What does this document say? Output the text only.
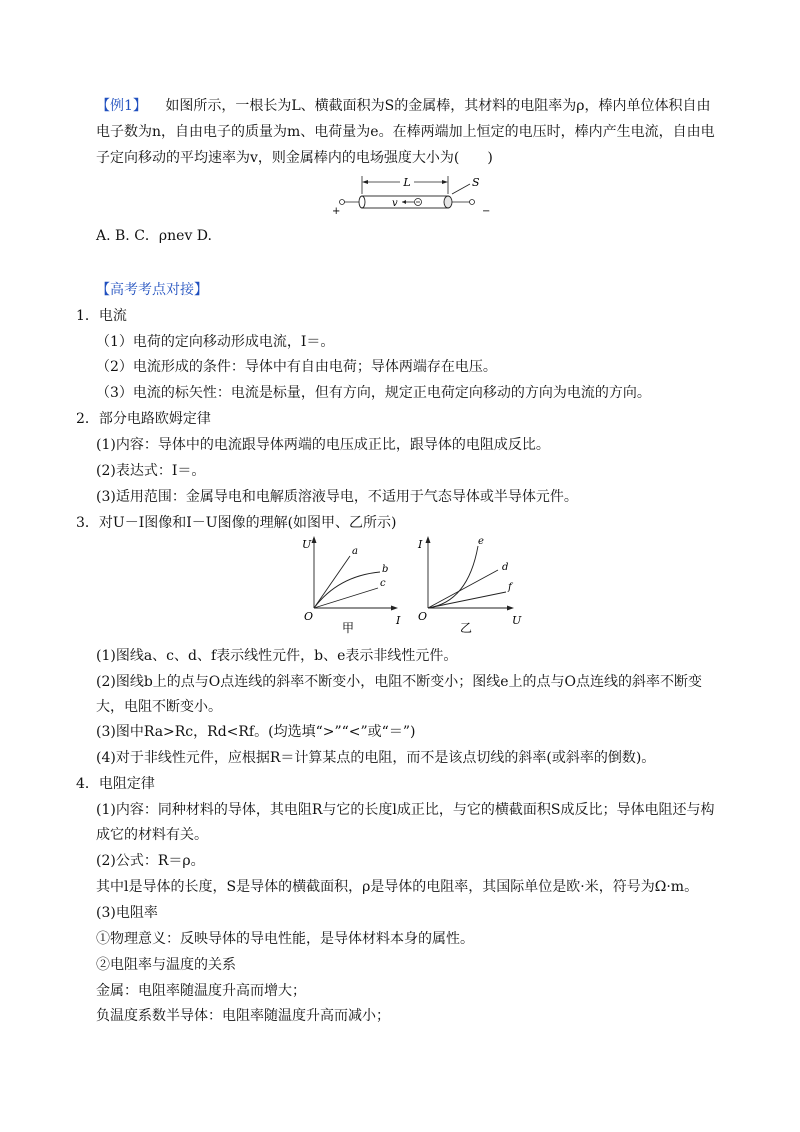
【例1】 如图所示，一根长为L、横截面积为S的金属棒，其材料的电阻率为ρ，棒内单位体积自由
电子数为n，自由电子的质量为m、电荷量为e。在棒两端加上恒定的电压时，棒内产生电流，自由电
子定向移动的平均速率为v，则金属棒内的电场强度大小为(　　)
L	S
v
+	−
A. B. C．ρnev D.
【高考考点对接】
1．电流
（1）电荷的定向移动形成电流，I＝。
（2）电流形成的条件：导体中有自由电荷；导体两端存在电压。
（3）电流的标矢性：电流是标量，但有方向，规定正电荷定向移动的方向为电流的方向。
2．部分电路欧姆定律
(1)内容：导体中的电流跟导体两端的电压成正比，跟导体的电阻成反比。
(2)表达式：I＝。
(3)适用范围：金属导电和电解质溶液导电，不适用于气态导体或半导体元件。
3．对U－I图像和I－U图像的理解(如图甲、乙所示)
U
I
O
a
b
c
甲
I
U
O
e
d
f
乙
(1)图线a、c、d、f表示线性元件，b、e表示非线性元件。
(2)图线b上的点与O点连线的斜率不断变小，电阻不断变小；图线e上的点与O点连线的斜率不断变
大，电阻不断变小。
(3)图中Ra>Rc，Rd<Rf。(均选填“>”“<”或“＝”)
(4)对于非线性元件，应根据R＝计算某点的电阻，而不是该点切线的斜率(或斜率的倒数)。
4．电阻定律
(1)内容：同种材料的导体，其电阻R与它的长度l成正比，与它的横截面积S成反比；导体电阻还与构
成它的材料有关。
(2)公式：R＝ρ。
其中l是导体的长度，S是导体的横截面积，ρ是导体的电阻率，其国际单位是欧·米，符号为Ω·m。
(3)电阻率
①物理意义：反映导体的导电性能，是导体材料本身的属性。
②电阻率与温度的关系
金属：电阻率随温度升高而增大；
负温度系数半导体：电阻率随温度升高而减小；
